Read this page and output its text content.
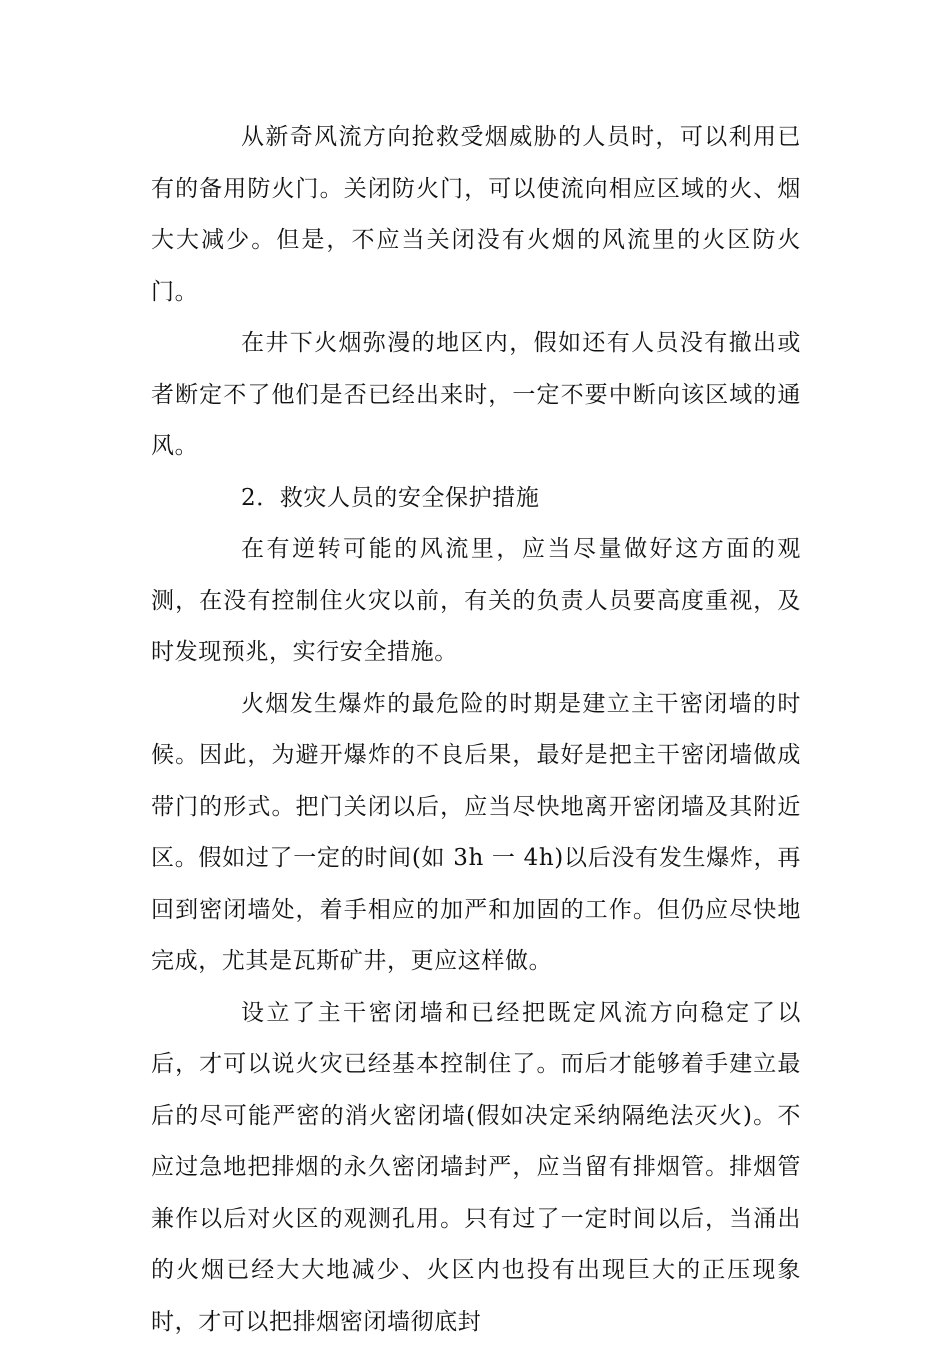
从新奇风流方向抢救受烟威胁的人员时，可以利用已有的备用防火门。关闭防火门，可以使流向相应区域的火、烟大大减少。但是，不应当关闭没有火烟的风流里的火区防火门。

在井下火烟弥漫的地区内，假如还有人员没有撤出或者断定不了他们是否已经出来时，一定不要中断向该区域的通风。

2．救灾人员的安全保护措施

在有逆转可能的风流里，应当尽量做好这方面的观测，在没有控制住火灾以前，有关的负责人员要高度重视，及时发现预兆，实行安全措施。

火烟发生爆炸的最危险的时期是建立主干密闭墙的时候。因此，为避开爆炸的不良后果，最好是把主干密闭墙做成带门的形式。把门关闭以后，应当尽快地离开密闭墙及其附近区。假如过了一定的时间(如 3h 一 4h)以后没有发生爆炸，再回到密闭墙处，着手相应的加严和加固的工作。但仍应尽快地完成，尤其是瓦斯矿井，更应这样做。

设立了主干密闭墙和已经把既定风流方向稳定了以后，才可以说火灾已经基本控制住了。而后才能够着手建立最后的尽可能严密的消火密闭墙(假如决定采纳隔绝法灭火)。不应过急地把排烟的永久密闭墙封严，应当留有排烟管。排烟管兼作以后对火区的观测孔用。只有过了一定时间以后，当涌出的火烟已经大大地减少、火区内也投有出现巨大的正压现象时，才可以把排烟密闭墙彻底封
